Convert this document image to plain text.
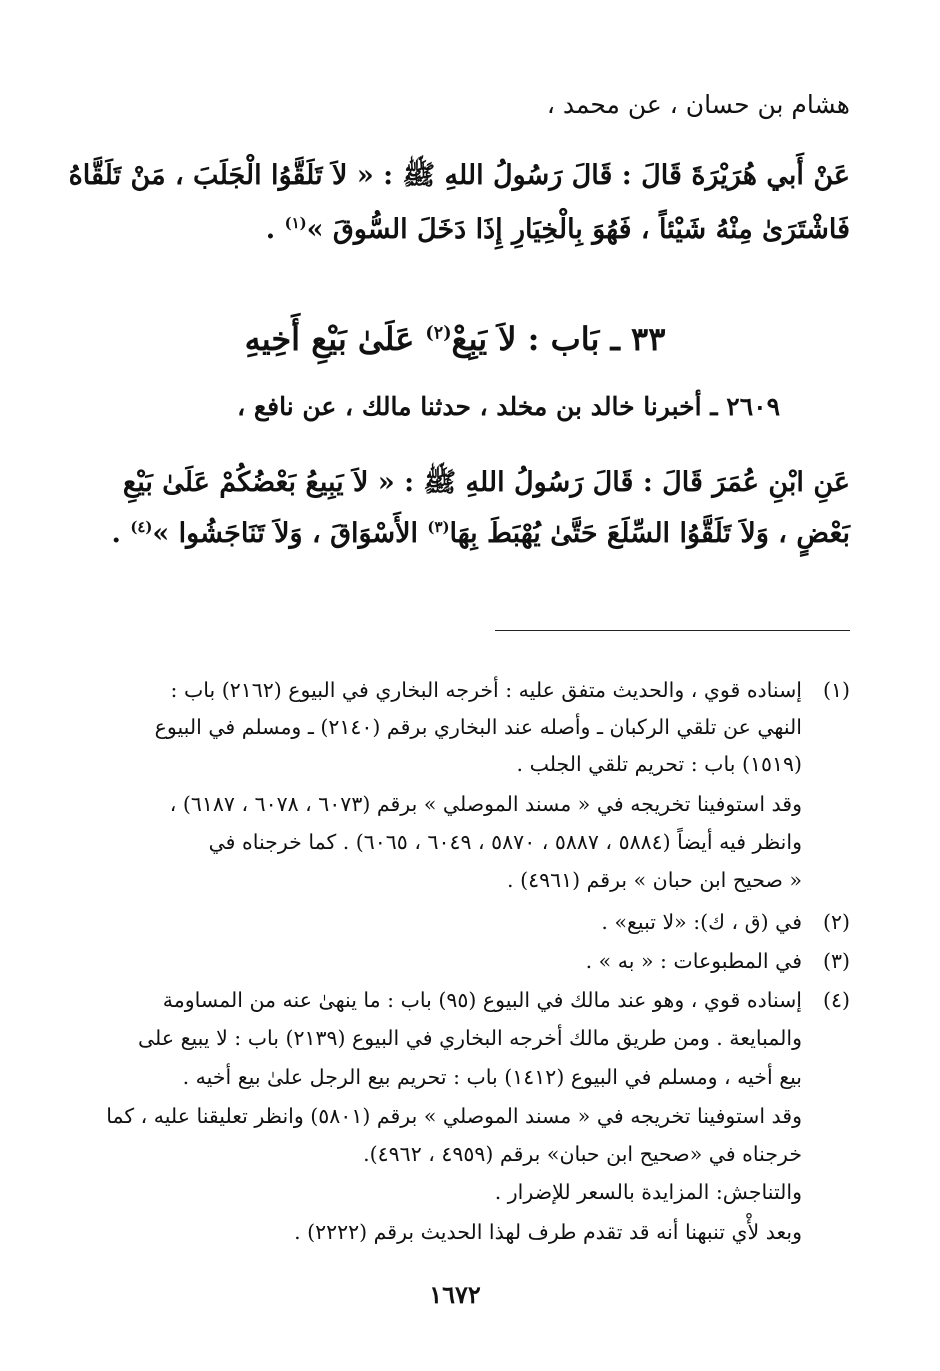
هشام بن حسان ، عن محمد ،
عَنْ أَبي هُرَيْرَةَ قَالَ : قَالَ رَسُولُ اللهِ ﷺ : « لاَ تَلَقَّوُا الْجَلَبَ ، مَنْ تَلَقَّاهُ
فَاشْتَرَىٰ مِنْهُ شَيْئاً ، فَهُوَ بِالْخِيَارِ إِذَا دَخَلَ السُّوقَ »$^{(١)}$ .
٣٣ ـ بَاب : لاَ يَبِعْ$^{(٢)}$ عَلَىٰ بَيْعِ أَخِيهِ
٢٦٠٩ ـ أخبرنا خالد بن مخلد ، حدثنا مالك ، عن نافع ،
عَنِ ابْنِ عُمَرَ قَالَ : قَالَ رَسُولُ اللهِ ﷺ : « لاَ يَبِيعُ بَعْضُكُمْ عَلَىٰ بَيْعِ
بَعْضٍ ، وَلاَ تَلَقَّوُا السِّلَعَ حَتَّىٰ يُهْبَطَ بِهَا$^{(٣)}$ الأَسْوَاقَ ، وَلاَ تَنَاجَشُوا »$^{(٤)}$ .
(١)
إسناده قوي ، والحديث متفق عليه : أخرجه البخاري في البيوع (٢١٦٢) باب :
النهي عن تلقي الركبان ـ وأصله عند البخاري برقم (٢١٤٠) ـ ومسلم في البيوع
(١٥١٩) باب : تحريم تلقي الجلب .
وقد استوفينا تخريجه في « مسند الموصلي » برقم (٦٠٧٣ ، ٦٠٧٨ ، ٦١٨٧) ،
وانظر فيه أيضاً (٥٨٨٤ ، ٥٨٨٧ ، ٥٨٧٠ ، ٦٠٤٩ ، ٦٠٦٥) . كما خرجناه في
« صحيح ابن حبان » برقم (٤٩٦١) .
(٢)
في (ق ، ك): «لا تبيع» .
(٣)
في المطبوعات : « به » .
(٤)
إسناده قوي ، وهو عند مالك في البيوع (٩٥) باب : ما ينهىٰ عنه من المساومة
والمبايعة . ومن طريق مالك أخرجه البخاري في البيوع (٢١٣٩) باب : لا يبيع على
بيع أخيه ، ومسلم في البيوع (١٤١٢) باب : تحريم بيع الرجل علىٰ بيع أخيه .
وقد استوفينا تخريجه في « مسند الموصلي » برقم (٥٨٠١) وانظر تعليقنا عليه ، كما
خرجناه في «صحيح ابن حبان» برقم (٤٩٥٩ ، ٤٩٦٢).
والتناجش: المزايدة بالسعر للإضرار .
وبعد لأْي تنبهنا أنه قد تقدم طرف لهذا الحديث برقم (٢٢٢٢) .
١٦٧٢
